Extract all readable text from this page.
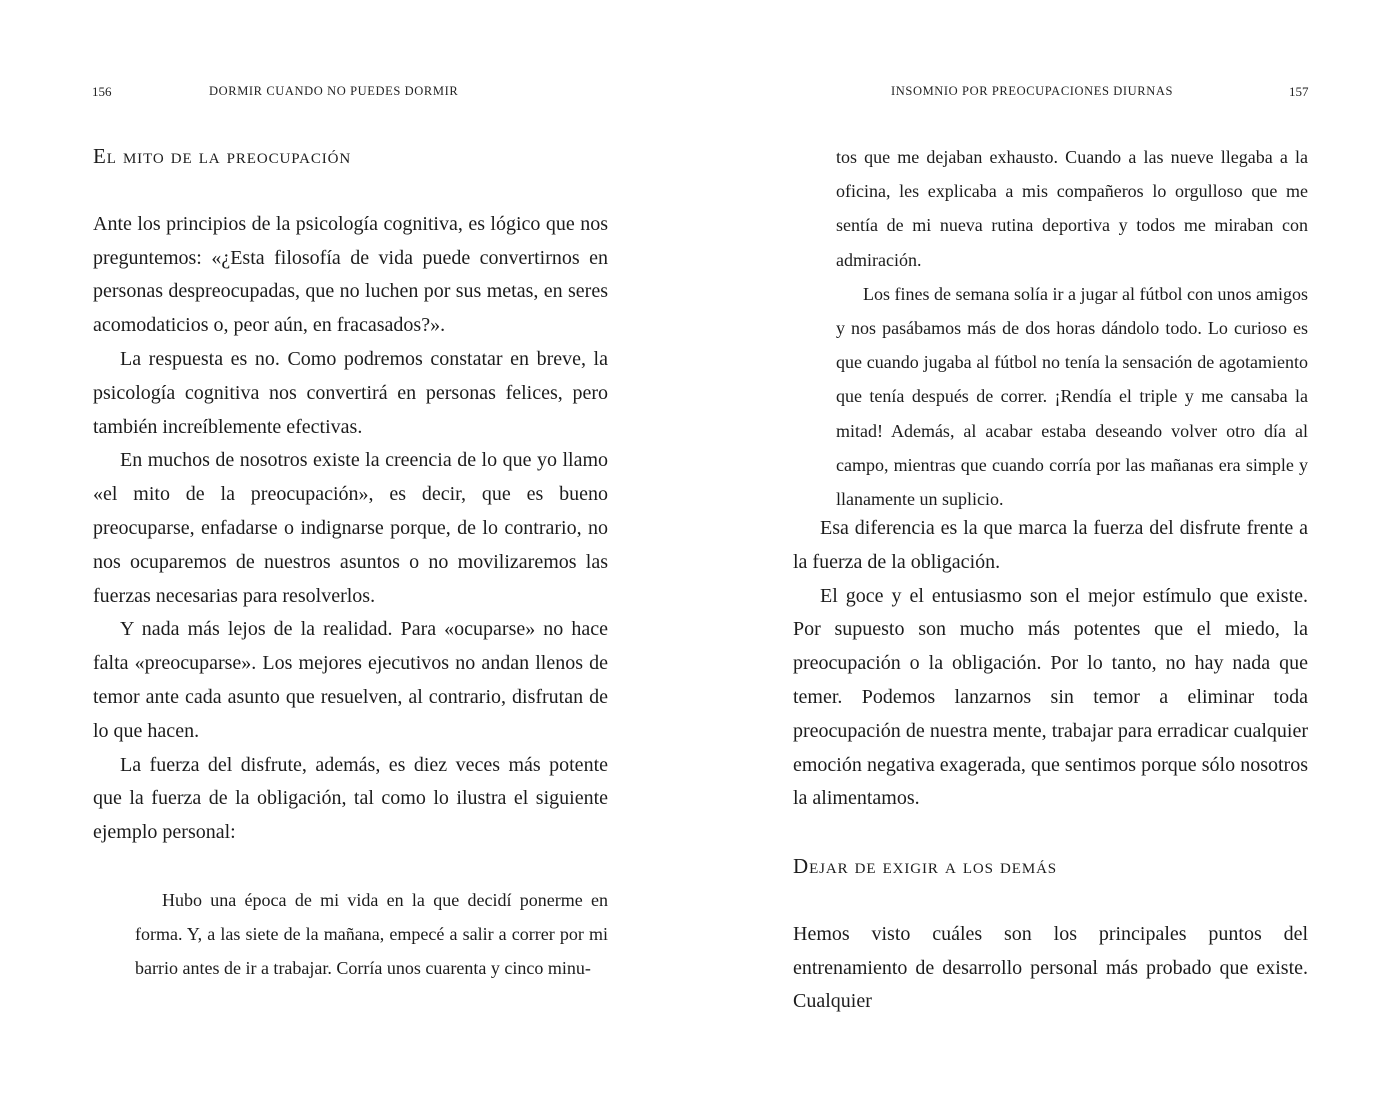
156	DORMIR CUANDO NO PUEDES DORMIR
El mito de la preocupación

Ante los principios de la psicología cognitiva, es lógico que nos preguntemos: «¿Esta filosofía de vida puede convertirnos en personas despreocupadas, que no luchen por sus metas, en seres acomodaticios o, peor aún, en fracasados?».

La respuesta es no. Como podremos constatar en breve, la psicología cognitiva nos convertirá en personas felices, pero también increíblemente efectivas.

En muchos de nosotros existe la creencia de lo que yo llamo «el mito de la preocupación», es decir, que es bueno preocuparse, enfadarse o indignarse porque, de lo contrario, no nos ocuparemos de nuestros asuntos o no movilizaremos las fuerzas necesarias para resolverlos.

Y nada más lejos de la realidad. Para «ocuparse» no hace falta «preocuparse». Los mejores ejecutivos no andan llenos de temor ante cada asunto que resuelven, al contrario, disfrutan de lo que hacen.

La fuerza del disfrute, además, es diez veces más potente que la fuerza de la obligación, tal como lo ilustra el siguiente ejemplo personal:

Hubo una época de mi vida en la que decidí ponerme en forma. Y, a las siete de la mañana, empecé a salir a correr por mi barrio antes de ir a trabajar. Corría unos cuarenta y cinco minu-

INSOMNIO POR PREOCUPACIONES DIURNAS	157

tos que me dejaban exhausto. Cuando a las nueve llegaba a la oficina, les explicaba a mis compañeros lo orgulloso que me sentía de mi nueva rutina deportiva y todos me miraban con admiración.

Los fines de semana solía ir a jugar al fútbol con unos amigos y nos pasábamos más de dos horas dándolo todo. Lo curioso es que cuando jugaba al fútbol no tenía la sensación de agotamiento que tenía después de correr. ¡Rendía el triple y me cansaba la mitad! Además, al acabar estaba deseando volver otro día al campo, mientras que cuando corría por las mañanas era simple y llanamente un suplicio.

Esa diferencia es la que marca la fuerza del disfrute frente a la fuerza de la obligación.

El goce y el entusiasmo son el mejor estímulo que existe. Por supuesto son mucho más potentes que el miedo, la preocupación o la obligación. Por lo tanto, no hay nada que temer. Podemos lanzarnos sin temor a eliminar toda preocupación de nuestra mente, trabajar para erradicar cualquier emoción negativa exagerada, que sentimos porque sólo nosotros la alimentamos.

Dejar de exigir a los demás

Hemos visto cuáles son los principales puntos del entrenamiento de desarrollo personal más probado que existe. Cualquier
